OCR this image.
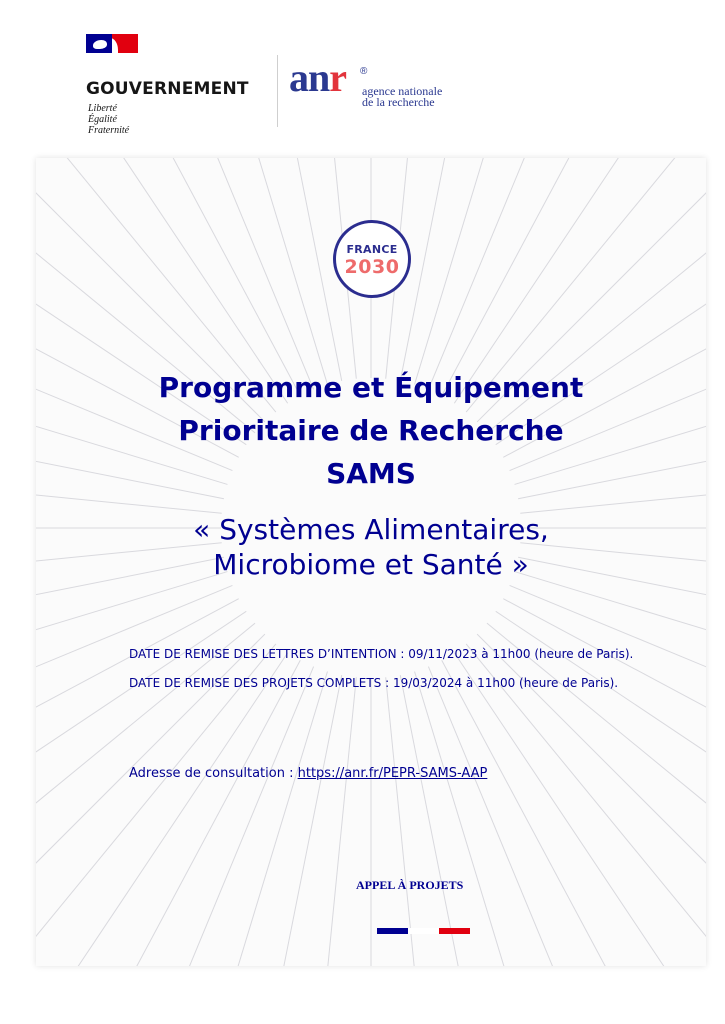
GOUVERNEMENT
Liberté
Égalité
Fraternité
anr ®
agence nationale
de la recherche
FRANCE
2030
Programme et Équipement
Prioritaire de Recherche
SAMS
« Systèmes Alimentaires,
Microbiome et Santé »

DATE DE REMISE DES LETTRES D’INTENTION : 09/11/2023 à 11h00 (heure de Paris).

DATE DE REMISE DES PROJETS COMPLETS : 19/03/2024 à 11h00 (heure de Paris).

Adresse de consultation : https://anr.fr/PEPR-SAMS-AAP
APPEL À PROJETS
